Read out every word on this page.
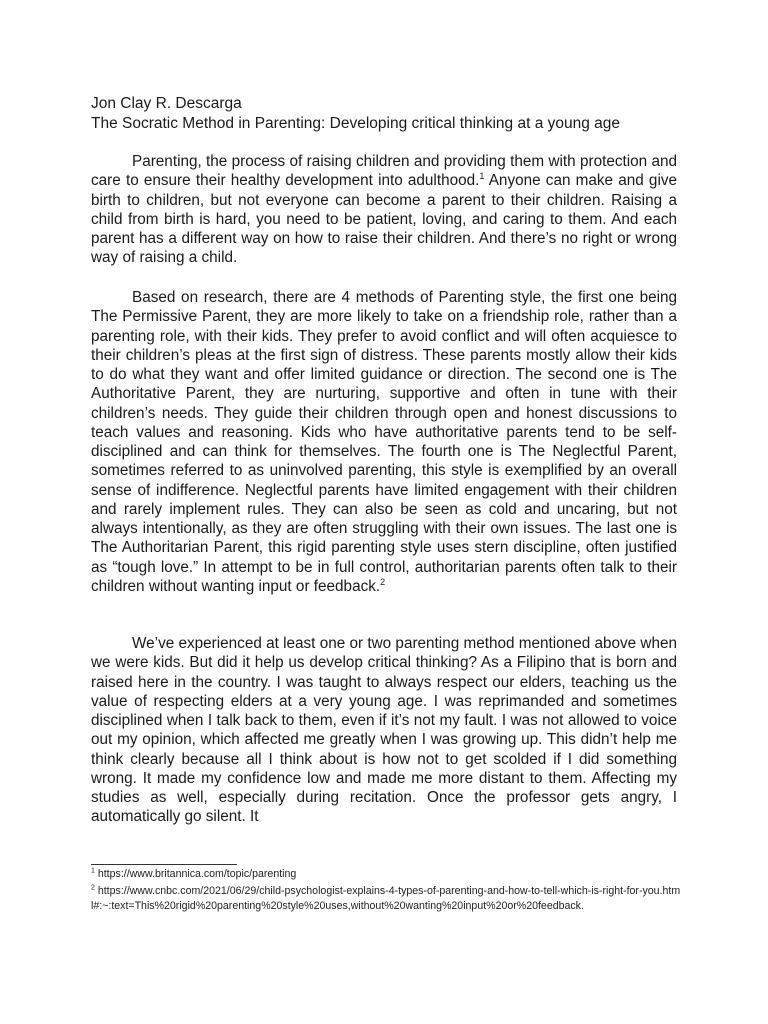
Jon Clay R. Descarga
The Socratic Method in Parenting: Developing critical thinking at a young age

Parenting, the process of raising children and providing them with protection and care to ensure their healthy development into adulthood.$^1$ Anyone can make and give birth to children, but not everyone can become a parent to their children. Raising a child from birth is hard, you need to be patient, loving, and caring to them. And each parent has a different way on how to raise their children. And there’s no right or wrong way of raising a child.

Based on research, there are 4 methods of Parenting style, the first one being The Permissive Parent, they are more likely to take on a friendship role, rather than a parenting role, with their kids. They prefer to avoid conflict and will often acquiesce to their children’s pleas at the first sign of distress. These parents mostly allow their kids to do what they want and offer limited guidance or direction. The second one is The Authoritative Parent, they are nurturing, supportive and often in tune with their children’s needs. They guide their children through open and honest discussions to teach values and reasoning. Kids who have authoritative parents tend to be self-disciplined and can think for themselves. The fourth one is The Neglectful Parent, sometimes referred to as uninvolved parenting, this style is exemplified by an overall sense of indifference. Neglectful parents have limited engagement with their children and rarely implement rules. They can also be seen as cold and uncaring, but not always intentionally, as they are often struggling with their own issues. The last one is The Authoritarian Parent, this rigid parenting style uses stern discipline, often justified as “tough love.” In attempt to be in full control, authoritarian parents often talk to their children without wanting input or feedback.$^2$

We’ve experienced at least one or two parenting method mentioned above when we were kids. But did it help us develop critical thinking? As a Filipino that is born and raised here in the country. I was taught to always respect our elders, teaching us the value of respecting elders at a very young age. I was reprimanded and sometimes disciplined when I talk back to them, even if it’s not my fault. I was not allowed to voice out my opinion, which affected me greatly when I was growing up. This didn’t help me think clearly because all I think about is how not to get scolded if I did something wrong. It made my confidence low and made me more distant to them. Affecting my studies as well, especially during recitation. Once the professor gets angry, I automatically go silent. It

$^1$ https://www.britannica.com/topic/parenting

$^2$ https://www.cnbc.com/2021/06/29/child-psychologist-explains-4-types-of-parenting-and-how-to-tell-which-is-right-for-you.html#:~:text=This%20rigid%20parenting%20style%20uses,without%20wanting%20input%20or%20feedback.
